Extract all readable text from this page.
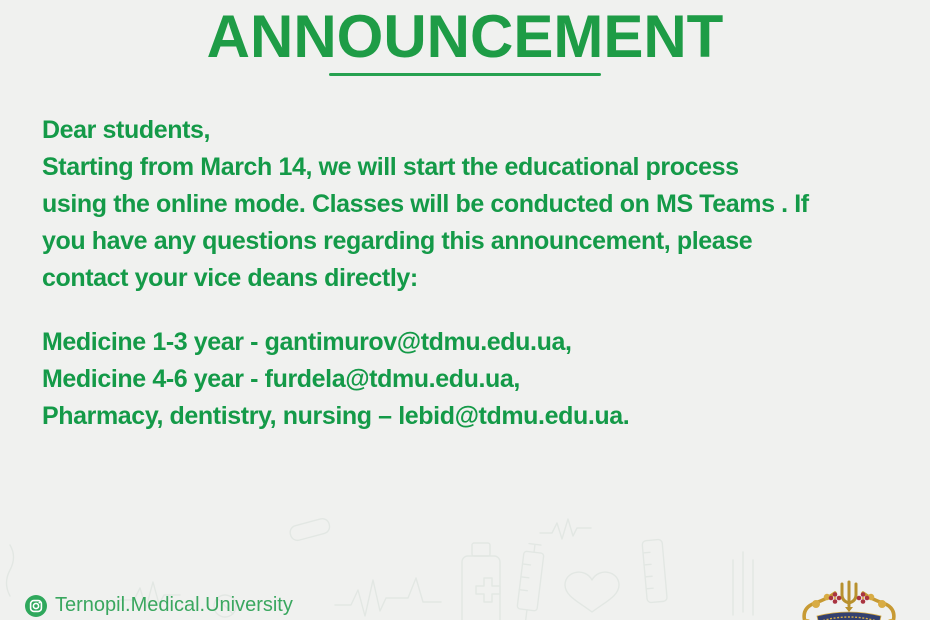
ANNOUNCEMENT
Dear students,
Starting from March 14, we will start the educational process
using the online mode. Classes will be conducted on MS Teams . If
you have any questions regarding this announcement, please
contact your vice deans directly:
Medicine 1-3 year - gantimurov@tdmu.edu.ua,
Medicine 4-6 year - furdela@tdmu.edu.ua,
Pharmacy, dentistry, nursing – lebid@tdmu.edu.ua.
Ternopil.Medical.University
